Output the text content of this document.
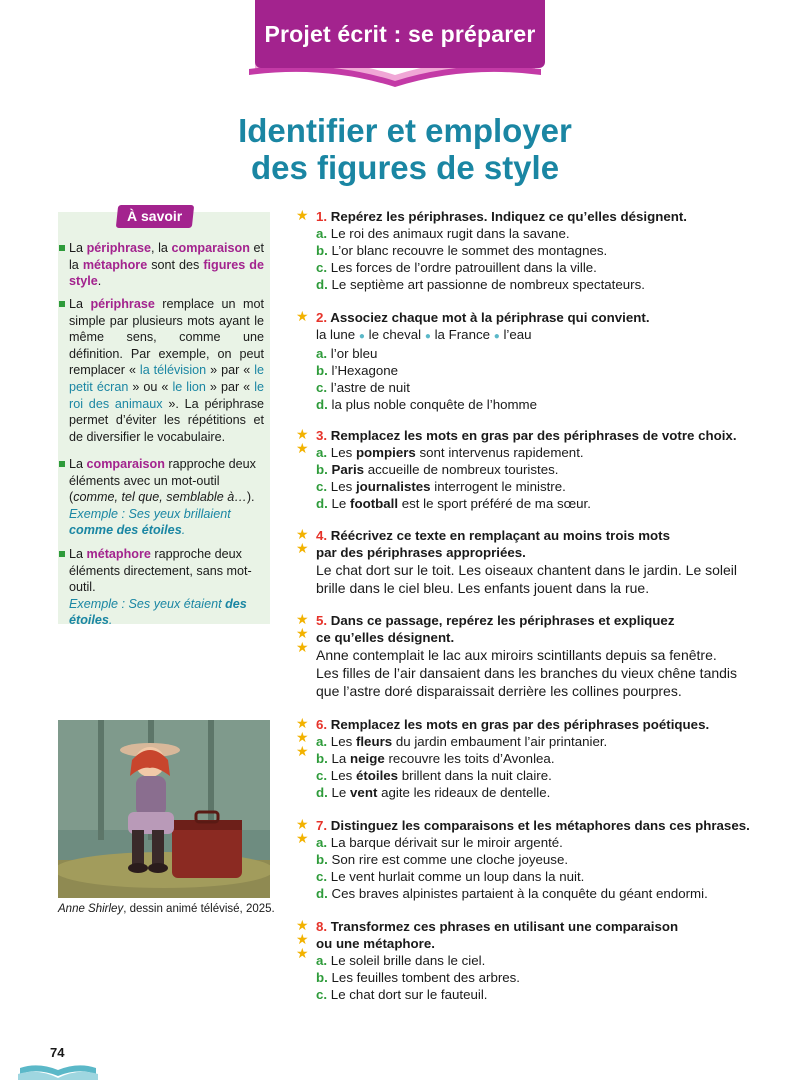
Projet écrit : se préparer
Identifier et employer
des figures de style
La périphrase, la comparaison et la métaphore sont des figures de style.
La périphrase remplace un mot simple par plusieurs mots ayant le même sens, comme une définition. Par exemple, on peut remplacer « la télévision » par « le petit écran » ou « le lion » par « le roi des animaux ». La périphrase permet d’éviter les répétitions et de diversifier le vocabulaire.
La comparaison rapproche deux éléments avec un mot-outil (comme, tel que, semblable à…).
Exemple : Ses yeux brillaient comme des étoiles.
La métaphore rapproche deux éléments directement, sans mot-outil.
Exemple : Ses yeux étaient des étoiles.
À savoir
Anne Shirley, dessin animé télévisé, 2025.
★ 1. Repérez les périphrases. Indiquez ce qu’elles désignent.
a. Le roi des animaux rugit dans la savane.
b. L’or blanc recouvre le sommet des montagnes.
c. Les forces de l’ordre patrouillent dans la ville.
d. Le septième art passionne de nombreux spectateurs.
★ 2. Associez chaque mot à la périphrase qui convient.
la lune ● le cheval ● la France ● l’eau
a. l’or bleu
b. l’Hexagone
c. l’astre de nuit
d. la plus noble conquête de l’homme
★
★
3. Remplacez les mots en gras par des périphrases de votre choix.
a. Les pompiers sont intervenus rapidement.
b. Paris accueille de nombreux touristes.
c. Les journalistes interrogent le ministre.
d. Le football est le sport préféré de ma sœur.
★
★
4. Réécrivez ce texte en remplaçant au moins trois mots
par des périphrases appropriées.
Le chat dort sur le toit. Les oiseaux chantent dans le jardin. Le soleil
brille dans le ciel bleu. Les enfants jouent dans la rue.
★
★
★
5. Dans ce passage, repérez les périphrases et expliquez
ce qu’elles désignent.
Anne contemplait le lac aux miroirs scintillants depuis sa fenêtre.
Les filles de l’air dansaient dans les branches du vieux chêne tandis
que l’astre doré disparaissait derrière les collines pourpres.
★
★
★
6. Remplacez les mots en gras par des périphrases poétiques.
a. Les fleurs du jardin embaument l’air printanier.
b. La neige recouvre les toits d’Avonlea.
c. Les étoiles brillent dans la nuit claire.
d. Le vent agite les rideaux de dentelle.
★
★
7. Distinguez les comparaisons et les métaphores dans ces phrases.
a. La barque dérivait sur le miroir argenté.
b. Son rire est comme une cloche joyeuse.
c. Le vent hurlait comme un loup dans la nuit.
d. Ces braves alpinistes partaient à la conquête du géant endormi.
★
★
★
8. Transformez ces phrases en utilisant une comparaison
ou une métaphore.
a. Le soleil brille dans le ciel.
b. Les feuilles tombent des arbres.
c. Le chat dort sur le fauteuil.
74
